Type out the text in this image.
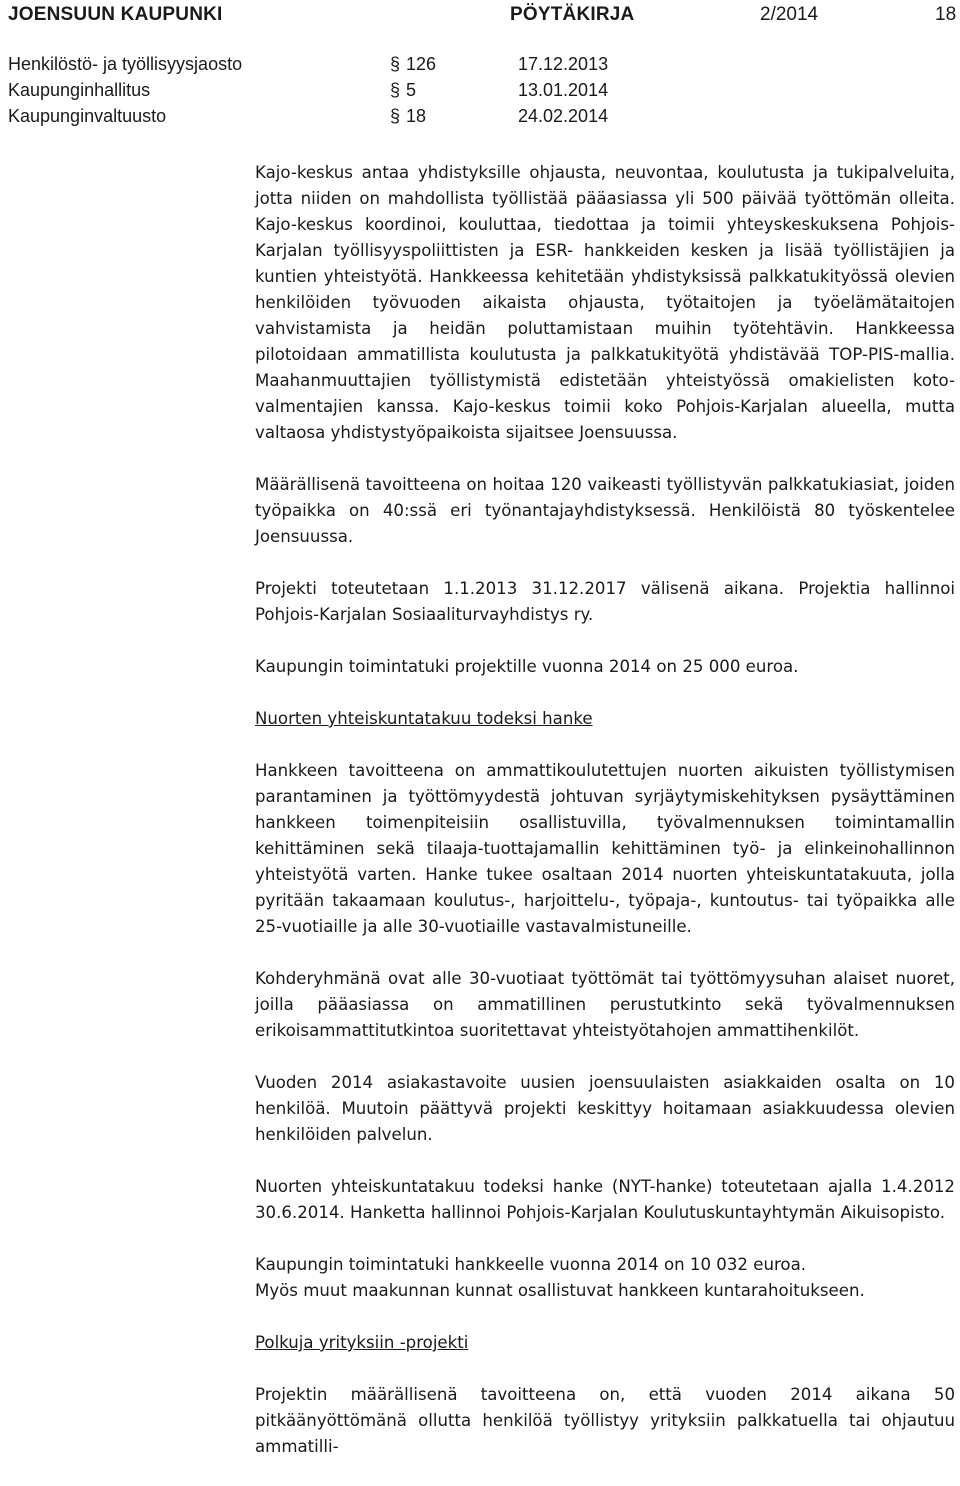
JOENSUUN KAUPUNKI	PÖYTÄKIRJA	2/2014	18
Henkilöstö- ja työllisyysjaosto	§ 126	17.12.2013
Kaupunginhallitus	§ 5	13.01.2014
Kaupunginvaltuusto	§ 18	24.02.2014

Kajo-keskus antaa yhdistyksille ohjausta, neuvontaa, koulutusta ja tukipalveluita, jotta niiden on mahdollista työllistää pääasiassa yli 500 päivää työttömän olleita. Kajo-keskus koordinoi, kouluttaa, tiedottaa ja toimii yhteyskeskuksena Pohjois-Karjalan työllisyyspoliittisten ja ESR- hankkeiden kesken ja lisää työllistäjien ja kuntien yhteistyötä. Hankkeessa kehitetään yhdistyksissä palkkatukityössä olevien henkilöiden työvuoden aikaista ohjausta, työtaitojen ja työelämätaitojen vahvistamista ja heidän poluttamistaan muihin työtehtävin. Hankkeessa pilotoidaan ammatillista koulutusta ja palkkatukityötä yhdistävää TOP-PIS-mallia. Maahanmuuttajien työllistymistä edistetään yhteistyössä omakielisten koto-valmentajien kanssa. Kajo-keskus toimii koko Pohjois-Karjalan alueella, mutta valtaosa yhdistystyöpaikoista sijaitsee Joensuussa.

Määrällisenä tavoitteena on hoitaa 120 vaikeasti työllistyvän palkkatukiasiat, joiden työpaikka on 40:ssä eri työnantajayhdistyksessä. Henkilöistä 80 työskentelee Joensuussa.

Projekti toteutetaan 1.1.2013 31.12.2017 välisenä aikana. Projektia hallinnoi Pohjois-Karjalan Sosiaaliturvayhdistys ry.

Kaupungin toimintatuki projektille vuonna 2014 on 25 000 euroa.

Nuorten yhteiskuntatakuu todeksi hanke

Hankkeen tavoitteena on ammattikoulutettujen nuorten aikuisten työllistymisen parantaminen ja työttömyydestä johtuvan syrjäytymiskehityksen pysäyttäminen hankkeen toimenpiteisiin osallistuvilla, työvalmennuksen toimintamallin kehittäminen sekä tilaaja-tuottajamallin kehittäminen työ- ja elinkeinohallinnon yhteistyötä varten. Hanke tukee osaltaan 2014 nuorten yhteiskuntatakuuta, jolla pyritään takaamaan koulutus-, harjoittelu-, työpaja-, kuntoutus- tai työpaikka alle 25-vuotiaille ja alle 30-vuotiaille vastavalmistuneille.

Kohderyhmänä ovat alle 30-vuotiaat työttömät tai työttömyysuhan alaiset nuoret, joilla pääasiassa on ammatillinen perustutkinto sekä työvalmennuksen erikoisammattitutkintoa suoritettavat yhteistyötahojen ammattihenkilöt.

Vuoden 2014 asiakastavoite uusien joensuulaisten asiakkaiden osalta on 10 henkilöä. Muutoin päättyvä projekti keskittyy hoitamaan asiakkuudessa olevien henkilöiden palvelun.

Nuorten yhteiskuntatakuu todeksi hanke (NYT-hanke) toteutetaan ajalla 1.4.2012 30.6.2014. Hanketta hallinnoi Pohjois-Karjalan Koulutuskuntayhtymän Aikuisopisto.

Kaupungin toimintatuki hankkeelle vuonna 2014 on 10 032 euroa.

Myös muut maakunnan kunnat osallistuvat hankkeen kuntarahoitukseen.

Polkuja yrityksiin -projekti

Projektin määrällisenä tavoitteena on, että vuoden 2014 aikana 50 pitkäänyöttömänä ollutta henkilöä työllistyy yrityksiin palkkatuella tai ohjautuu ammatilli-
